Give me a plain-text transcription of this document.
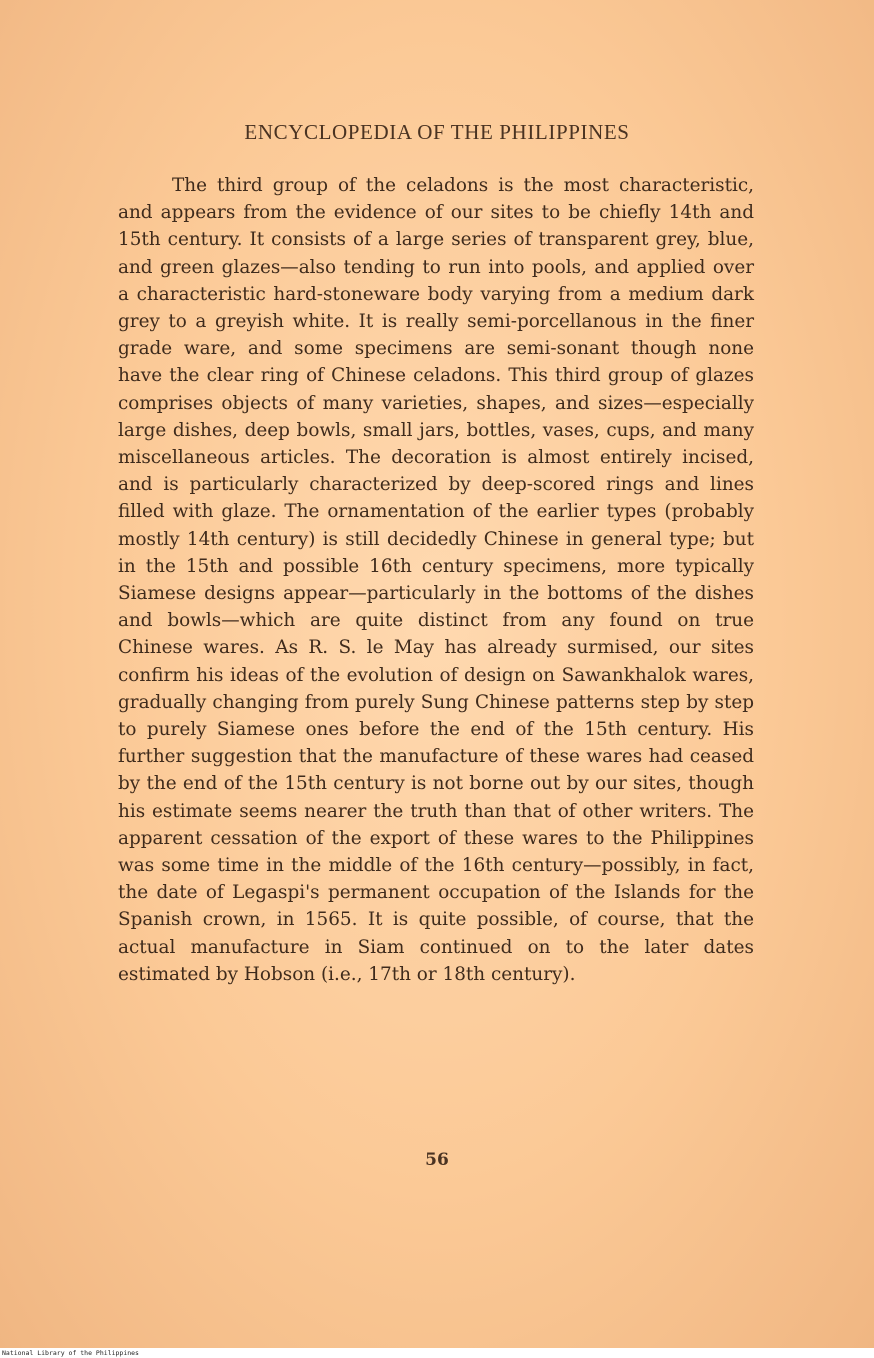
ENCYCLOPEDIA OF THE PHILIPPINES

The third group of the celadons is the most characteristic, and appears from the evidence of our sites to be chiefly 14th and 15th century. It consists of a large series of transparent grey, blue, and green glazes—also tending to run into pools, and applied over a characteristic hard-stoneware body varying from a medium dark grey to a greyish white. It is really semi-porcellanous in the finer grade ware, and some specimens are semi-sonant though none have the clear ring of Chinese celadons. This third group of glazes comprises objects of many varieties, shapes, and sizes—especially large dishes, deep bowls, small jars, bottles, vases, cups, and many miscellaneous articles. The decoration is almost entirely incised, and is particularly characterized by deep-scored rings and lines filled with glaze. The ornamentation of the earlier types (probably mostly 14th century) is still decidedly Chinese in general type; but in the 15th and possible 16th century specimens, more typically Siamese designs appear—particularly in the bottoms of the dishes and bowls—which are quite distinct from any found on true Chinese wares. As R. S. le May has already surmised, our sites confirm his ideas of the evolution of design on Sawankhalok wares, gradually changing from purely Sung Chinese patterns step by step to purely Siamese ones before the end of the 15th century. His further suggestion that the manufacture of these wares had ceased by the end of the 15th century is not borne out by our sites, though his estimate seems nearer the truth than that of other writers. The apparent cessation of the export of these wares to the Philippines was some time in the middle of the 16th century—possibly, in fact, the date of Legaspi's permanent occupation of the Islands for the Spanish crown, in 1565. It is quite possible, of course, that the actual manufacture in Siam continued on to the later dates estimated by Hobson (i.e., 17th or 18th century).

56
National Library of the Philippines
